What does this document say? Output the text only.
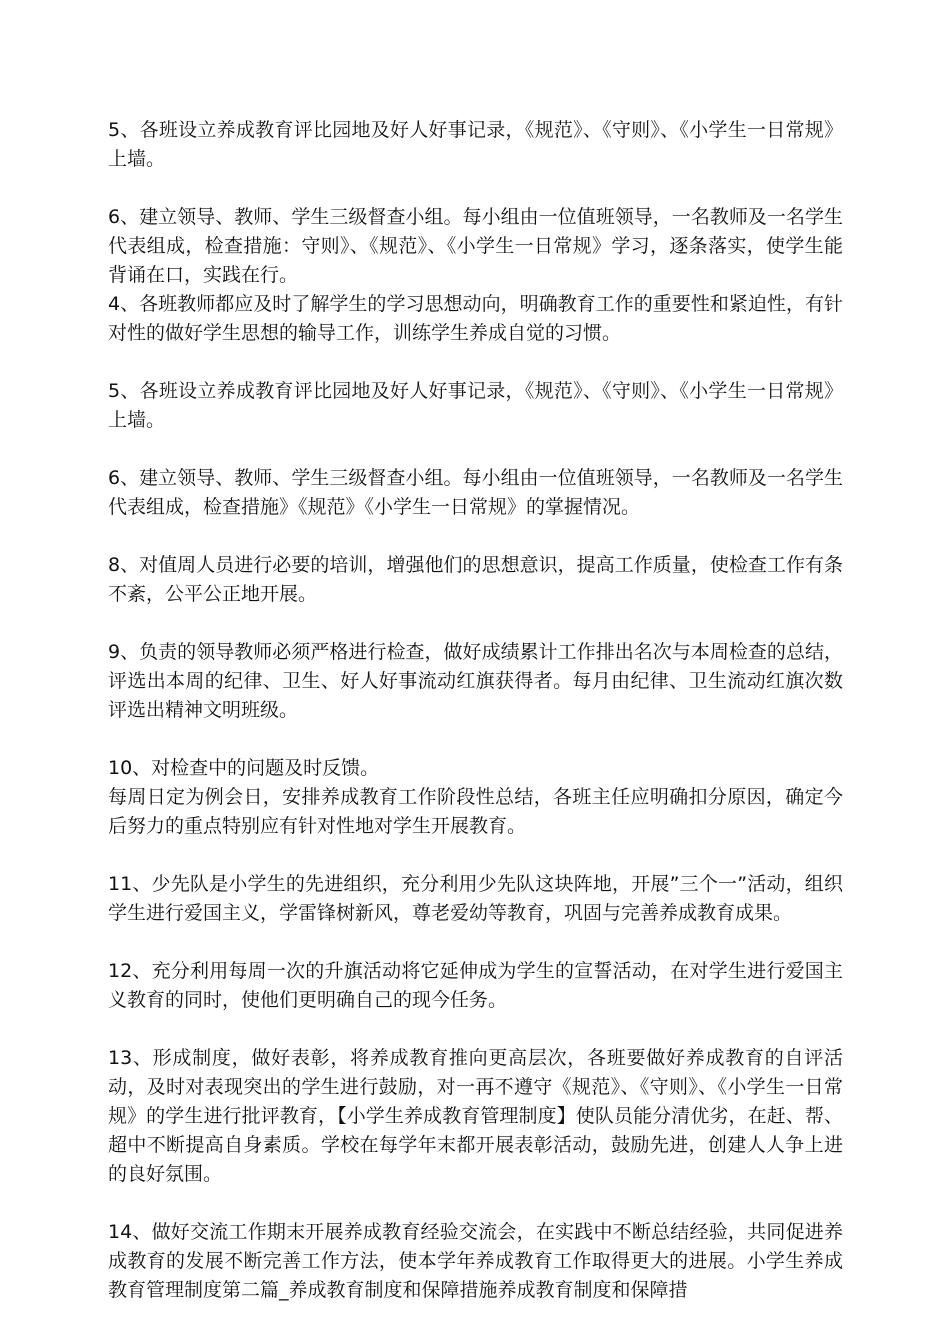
5、各班设立养成教育评比园地及好人好事记录，《规范》、《守则》、《小学生一日常规》上墙。

6、建立领导、教师、学生三级督查小组。每小组由一位值班领导，一名教师及一名学生代表组成，检查措施：守则》、《规范》、《小学生一日常规》学习，逐条落实，使学生能背诵在口，实践在行。

4、各班教师都应及时了解学生的学习思想动向，明确教育工作的重要性和紧迫性，有针对性的做好学生思想的输导工作，训练学生养成自觉的习惯。

5、各班设立养成教育评比园地及好人好事记录，《规范》、《守则》、《小学生一日常规》上墙。

6、建立领导、教师、学生三级督查小组。每小组由一位值班领导，一名教师及一名学生代表组成，检查措施》《规范》《小学生一日常规》的掌握情况。

8、对值周人员进行必要的培训，增强他们的思想意识，提高工作质量，使检查工作有条不紊，公平公正地开展。

9、负责的领导教师必须严格进行检查，做好成绩累计工作排出名次与本周检查的总结，评选出本周的纪律、卫生、好人好事流动红旗获得者。每月由纪律、卫生流动红旗次数评选出精神文明班级。

10、对检查中的问题及时反馈。

每周日定为例会日，安排养成教育工作阶段性总结，各班主任应明确扣分原因，确定今后努力的重点特别应有针对性地对学生开展教育。

11、少先队是小学生的先进组织，充分利用少先队这块阵地，开展”三个一”活动，组织学生进行爱国主义，学雷锋树新风，尊老爱幼等教育，巩固与完善养成教育成果。

12、充分利用每周一次的升旗活动将它延伸成为学生的宣誓活动，在对学生进行爱国主义教育的同时，使他们更明确自己的现今任务。

13、形成制度，做好表彰，将养成教育推向更高层次，各班要做好养成教育的自评活动，及时对表现突出的学生进行鼓励，对一再不遵守《规范》、《守则》、《小学生一日常规》的学生进行批评教育，【小学生养成教育管理制度】使队员能分清优劣，在赶、帮、超中不断提高自身素质。学校在每学年末都开展表彰活动，鼓励先进，创建人人争上进的良好氛围。

14、做好交流工作期末开展养成教育经验交流会，在实践中不断总结经验，共同促进养成教育的发展不断完善工作方法，使本学年养成教育工作取得更大的进展。小学生养成教育管理制度第二篇_养成教育制度和保障措施养成教育制度和保障措
